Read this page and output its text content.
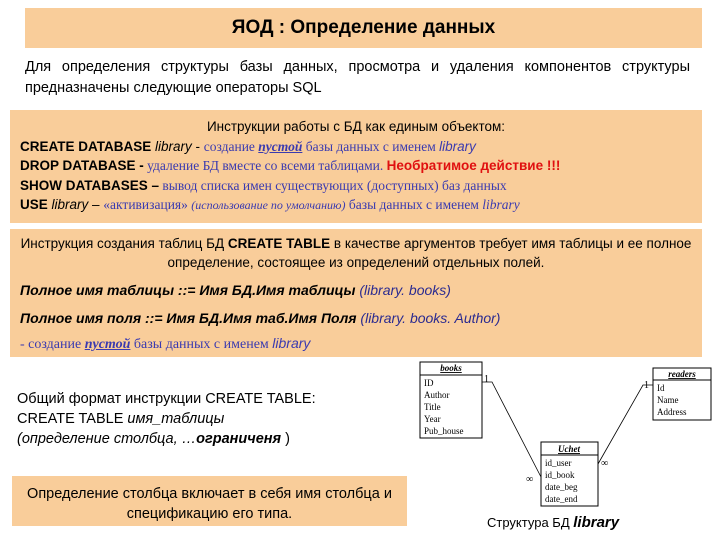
ЯОД : Определение данных
Для определения структуры базы данных, просмотра и удаления компонентов структуры предназначены следующие операторы SQL
Инструкции работы с БД как единым объектом:
CREATE DATABASE library - создание пустой базы данных с именем library
DROP DATABASE - удаление БД вместе со всеми таблицами. Необратимое действие !!!
SHOW DATABASES – вывод списка имен существующих (доступных) баз данных
USE library – «активизация» (использование по умолчанию) базы данных с именем library
Инструкция создания таблиц БД CREATE TABLE в качестве аргументов требует имя таблицы и ее полное определение, состоящее из определений отдельных полей.
Полное имя таблицы ::= Имя БД.Имя таблицы (library. books)
Полное имя поля ::= Имя БД.Имя таб.Имя Поля (library. books. Author)
- создание пустой базы данных с именем library
Общий формат инструкции CREATE TABLE:
CREATE TABLE имя_таблицы
(определение столбца, …ограниченя )
Определение столбца включает в себя имя столбца и спецификацию его типа.
books
ID
Author
Title
Year
Pub_house
readers
Id
Name
Address
Uchet
id_user
id_book
date_beg
date_end
1
1
∞
∞
Структура БД library
